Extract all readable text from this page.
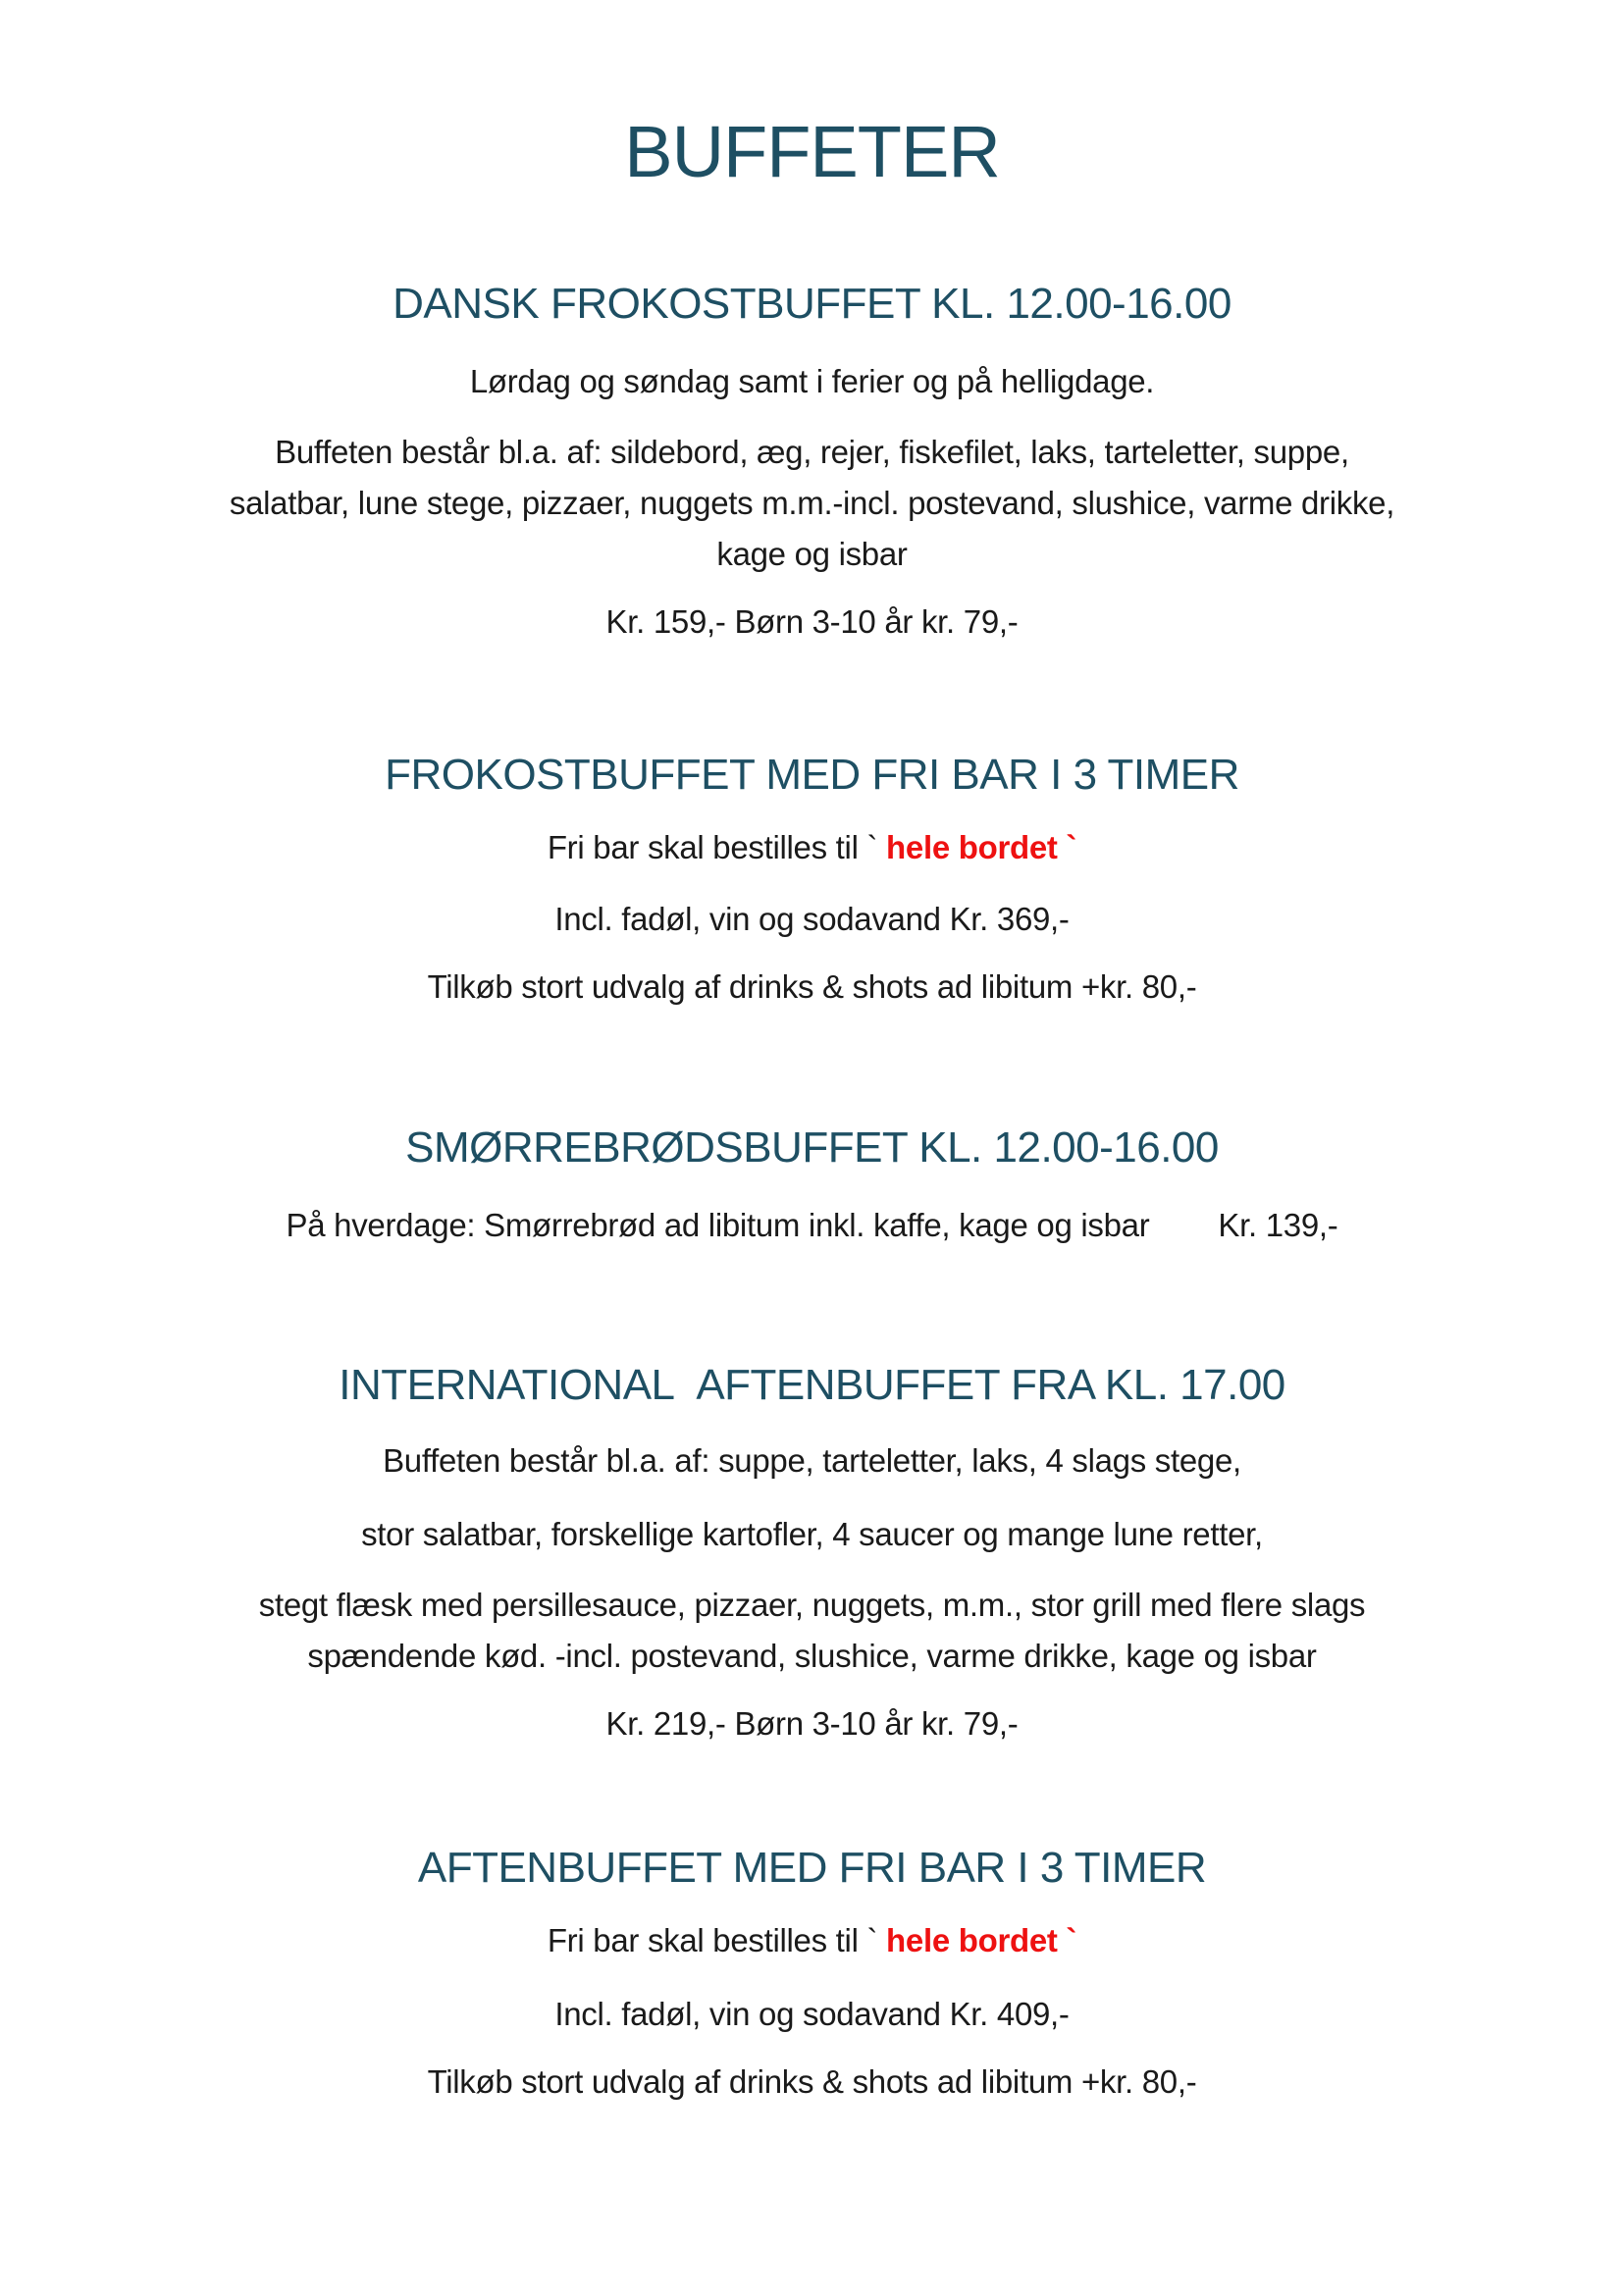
BUFFETER
DANSK FROKOSTBUFFET KL. 12.00-16.00
Lørdag og søndag samt i ferier og på helligdage.
Buffeten består bl.a. af: sildebord, æg, rejer, fiskefilet, laks, tarteletter, suppe,
salatbar, lune stege, pizzaer, nuggets m.m.-incl. postevand, slushice, varme drikke,
kage og isbar
Kr. 159,- Børn 3-10 år kr. 79,-
FROKOSTBUFFET MED FRI BAR I 3 TIMER
Fri bar skal bestilles til ` hele bordet `
Incl. fadøl, vin og sodavand Kr. 369,-
Tilkøb stort udvalg af drinks & shots ad libitum +kr. 80,-
SMØRREBRØDSBUFFET KL. 12.00-16.00
På hverdage: Smørrebrød ad libitum inkl. kaffe, kage og isbar Kr. 139,-
INTERNATIONAL  AFTENBUFFET FRA KL. 17.00
Buffeten består bl.a. af: suppe, tarteletter, laks, 4 slags stege,
stor salatbar, forskellige kartofler, 4 saucer og mange lune retter,
stegt flæsk med persillesauce, pizzaer, nuggets, m.m., stor grill med flere slags
spændende kød. -incl. postevand, slushice, varme drikke, kage og isbar
Kr. 219,- Børn 3-10 år kr. 79,-
AFTENBUFFET MED FRI BAR I 3 TIMER
Fri bar skal bestilles til ` hele bordet `
Incl. fadøl, vin og sodavand Kr. 409,-
Tilkøb stort udvalg af drinks & shots ad libitum +kr. 80,-
